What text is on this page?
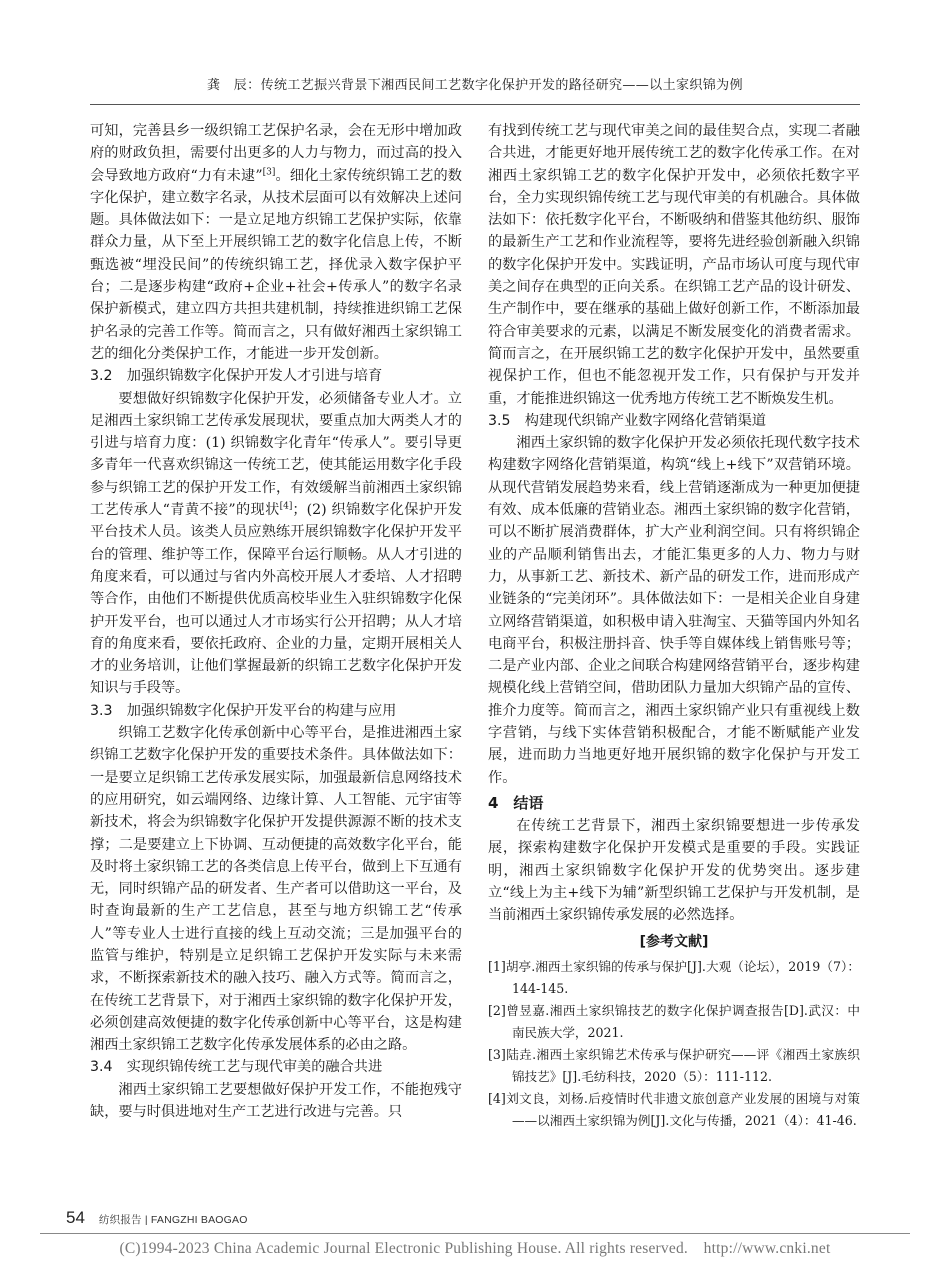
龚　辰：传统工艺振兴背景下湘西民间工艺数字化保护开发的路径研究——以土家织锦为例

可知，完善县乡一级织锦工艺保护名录，会在无形中增加政府的财政负担，需要付出更多的人力与物力，而过高的投入会导致地方政府“力有未逮”[3]。细化土家传统织锦工艺的数字化保护，建立数字名录，从技术层面可以有效解决上述问题。具体做法如下：一是立足地方织锦工艺保护实际，依靠群众力量，从下至上开展织锦工艺的数字化信息上传，不断甄选被“埋没民间”的传统织锦工艺，择优录入数字保护平台；二是逐步构建“政府+企业+社会+传承人”的数字名录保护新模式，建立四方共担共建机制，持续推进织锦工艺保护名录的完善工作等。简而言之，只有做好湘西土家织锦工艺的细化分类保护工作，才能进一步开发创新。

3.2　加强织锦数字化保护开发人才引进与培育

要想做好织锦数字化保护开发，必须储备专业人才。立足湘西土家织锦工艺传承发展现状，要重点加大两类人才的引进与培育力度：(1) 织锦数字化青年“传承人”。要引导更多青年一代喜欢织锦这一传统工艺，使其能运用数字化手段参与织锦工艺的保护开发工作，有效缓解当前湘西土家织锦工艺传承人“青黄不接”的现状[4]；(2) 织锦数字化保护开发平台技术人员。该类人员应熟练开展织锦数字化保护开发平台的管理、维护等工作，保障平台运行顺畅。从人才引进的角度来看，可以通过与省内外高校开展人才委培、人才招聘等合作，由他们不断提供优质高校毕业生入驻织锦数字化保护开发平台，也可以通过人才市场实行公开招聘；从人才培育的角度来看，要依托政府、企业的力量，定期开展相关人才的业务培训，让他们掌握最新的织锦工艺数字化保护开发知识与手段等。

3.3　加强织锦数字化保护开发平台的构建与应用

织锦工艺数字化传承创新中心等平台，是推进湘西土家织锦工艺数字化保护开发的重要技术条件。具体做法如下：一是要立足织锦工艺传承发展实际，加强最新信息网络技术的应用研究，如云端网络、边缘计算、人工智能、元宇宙等新技术，将会为织锦数字化保护开发提供源源不断的技术支撑；二是要建立上下协调、互动便捷的高效数字化平台，能及时将土家织锦工艺的各类信息上传平台，做到上下互通有无，同时织锦产品的研发者、生产者可以借助这一平台，及时查询最新的生产工艺信息，甚至与地方织锦工艺“传承人”等专业人士进行直接的线上互动交流；三是加强平台的监管与维护，特别是立足织锦工艺保护开发实际与未来需求，不断探索新技术的融入技巧、融入方式等。简而言之，在传统工艺背景下，对于湘西土家织锦的数字化保护开发，必须创建高效便捷的数字化传承创新中心等平台，这是构建湘西土家织锦工艺数字化传承发展体系的必由之路。

3.4　实现织锦传统工艺与现代审美的融合共进

湘西土家织锦工艺要想做好保护开发工作，不能抱残守缺，要与时俱进地对生产工艺进行改进与完善。只

有找到传统工艺与现代审美之间的最佳契合点，实现二者融合共进，才能更好地开展传统工艺的数字化传承工作。在对湘西土家织锦工艺的数字化保护开发中，必须依托数字平台，全力实现织锦传统工艺与现代审美的有机融合。具体做法如下：依托数字化平台，不断吸纳和借鉴其他纺织、服饰的最新生产工艺和作业流程等，要将先进经验创新融入织锦的数字化保护开发中。实践证明，产品市场认可度与现代审美之间存在典型的正向关系。在织锦工艺产品的设计研发、生产制作中，要在继承的基础上做好创新工作，不断添加最符合审美要求的元素，以满足不断发展变化的消费者需求。简而言之，在开展织锦工艺的数字化保护开发中，虽然要重视保护工作，但也不能忽视开发工作，只有保护与开发并重，才能推进织锦这一优秀地方传统工艺不断焕发生机。

3.5　构建现代织锦产业数字网络化营销渠道

湘西土家织锦的数字化保护开发必须依托现代数字技术构建数字网络化营销渠道，构筑“线上+线下”双营销环境。从现代营销发展趋势来看，线上营销逐渐成为一种更加便捷有效、成本低廉的营销业态。湘西土家织锦的数字化营销，可以不断扩展消费群体，扩大产业利润空间。只有将织锦企业的产品顺利销售出去，才能汇集更多的人力、物力与财力，从事新工艺、新技术、新产品的研发工作，进而形成产业链条的“完美闭环”。具体做法如下：一是相关企业自身建立网络营销渠道，如积极申请入驻淘宝、天猫等国内外知名电商平台，积极注册抖音、快手等自媒体线上销售账号等；二是产业内部、企业之间联合构建网络营销平台，逐步构建规模化线上营销空间，借助团队力量加大织锦产品的宣传、推介力度等。简而言之，湘西土家织锦产业只有重视线上数字营销，与线下实体营销积极配合，才能不断赋能产业发展，进而助力当地更好地开展织锦的数字化保护与开发工作。

4　结语

在传统工艺背景下，湘西土家织锦要想进一步传承发展，探索构建数字化保护开发模式是重要的手段。实践证明，湘西土家织锦数字化保护开发的优势突出。逐步建立“线上为主+线下为辅”新型织锦工艺保护与开发机制，是当前湘西土家织锦传承发展的必然选择。

[参考文献]

[1]胡亭.湘西土家织锦的传承与保护[J].大观（论坛），2019（7）：144-145.

[2]曾昱嘉.湘西土家织锦技艺的数字化保护调查报告[D].武汉：中南民族大学，2021.

[3]陆垚.湘西土家织锦艺术传承与保护研究——评《湘西土家族织锦技艺》[J].毛纺科技，2020（5）：111-112.

[4]刘文良，刘杨.后疫情时代非遗文旅创意产业发展的困境与对策——以湘西土家织锦为例[J].文化与传播，2021（4）：41-46.

54 纺织报告 | FANGZHI BAOGAO
(C)1994-2023 China Academic Journal Electronic Publishing House. All rights reserved.　http://www.cnki.net
